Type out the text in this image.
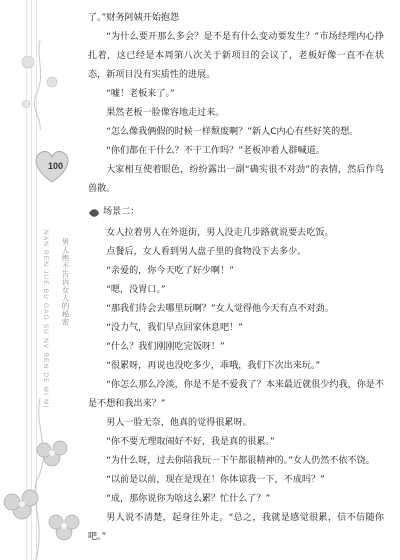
100
NAN REN JUE BU GAO SU NV REN DE MI MI 男人绝不告诉女人的秘密

了。”财务阿姨开始抱怨

“为什么要开那么多会？是不是有什么变动要发生？”市场经理内心挣扎着，这已经是本周第八次关于新项目的会议了，老板好像一直不在状态，新项目没有实质性的进展。

“嘘！老板来了。”

果然老板一脸像容地走过来。

“怎么像我俩假的时候一样颓废啊？”新人C内心有些好笑的想。

“你们都在干什么？不干工作吗？”老板冲着人群喊道。

大家相互使着眼色，纷纷露出一副“确实很不对劲”的表情，然后作鸟兽散。

场景二：

女人拉着男人在外逛街，男人没走几步路就说要去吃饭。

点餐后，女人看到男人盘子里的食物没下去多少。

“亲爱的，你今天吃了好少啊！”

“嗯，没胃口。”

“那我们待会去哪里玩啊？”女人觉得他今天有点不对劲。

“没力气，我们早点回家休息吧！”

“什么？我们刚刚吃完饭呀！”

“很累呀，再说也没吃多少，乖哦，我们下次出来玩。”

“你怎么那么冷淡，你是不是不爱我了？本来最近就很少约我，你是不是不想和我出来？”

男人一脸无奈，他真的觉得很累呀。

“你不要无理取闹好不好，我是真的很累。”

“为什么呀，过去你陪我玩一下午都很精神的。”女人仍然不依不饶。

“以前是以前，现在是现在！你体谅我一下，不成吗？”

“成，那你说你为啥这么累？忙什么了？”

男人说不清楚，起身往外走。“总之，我就是感觉很累，信不信随你吧。”
